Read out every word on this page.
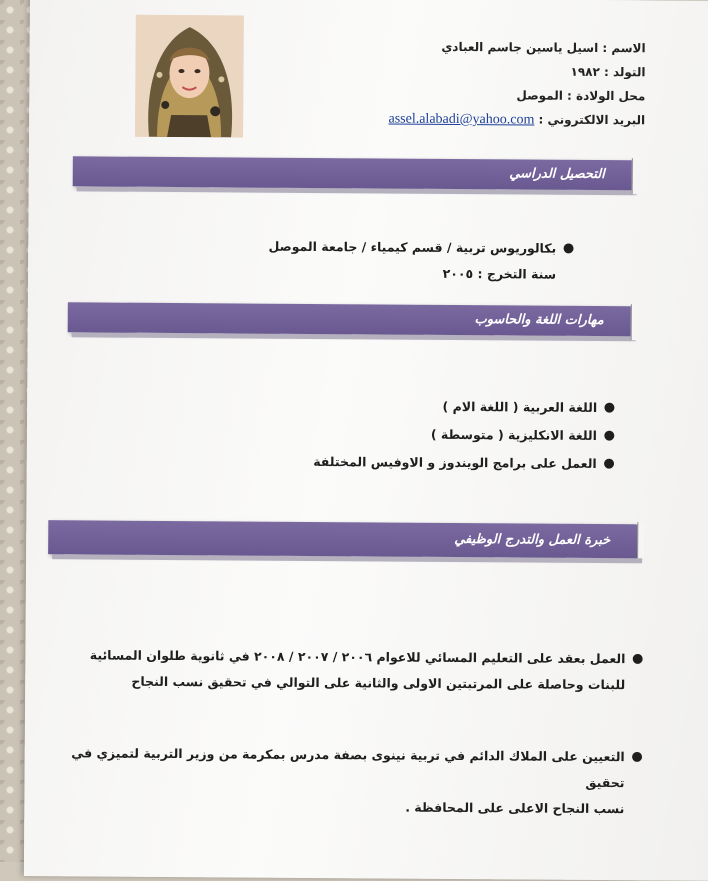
الاسم : اسيل ياسين جاسم العبادي
التولد : ١٩٨٢
محل الولادة : الموصل
البريد الالكتروني : assel.alabadi@yahoo.com
التحصيل الدراسي
●
بكالوريوس تربية / قسم كيمياء / جامعة الموصل
سنة التخرج : ٢٠٠٥
مهارات اللغة والحاسوب
●
اللغة العربية ( اللغة الام )
●
اللغة الانكليزية ( متوسطة )
●
العمل على برامج الويندوز و الاوفيس المختلفة
خبرة العمل والتدرج الوظيفي
●
العمل بعقد على التعليم المسائي للاعوام ٢٠٠٦ / ٢٠٠٧ / ٢٠٠٨ في ثانوية طلوان المسائية
للبنات وحاصلة على المرتبتين الاولى والثانية على التوالي في تحقيق نسب النجاح
●
التعيين على الملاك الدائم في تربية نينوى بصفة مدرس بمكرمة من وزير التربية لتميزي في تحقيق
نسب النجاح الاعلى على المحافظة .
